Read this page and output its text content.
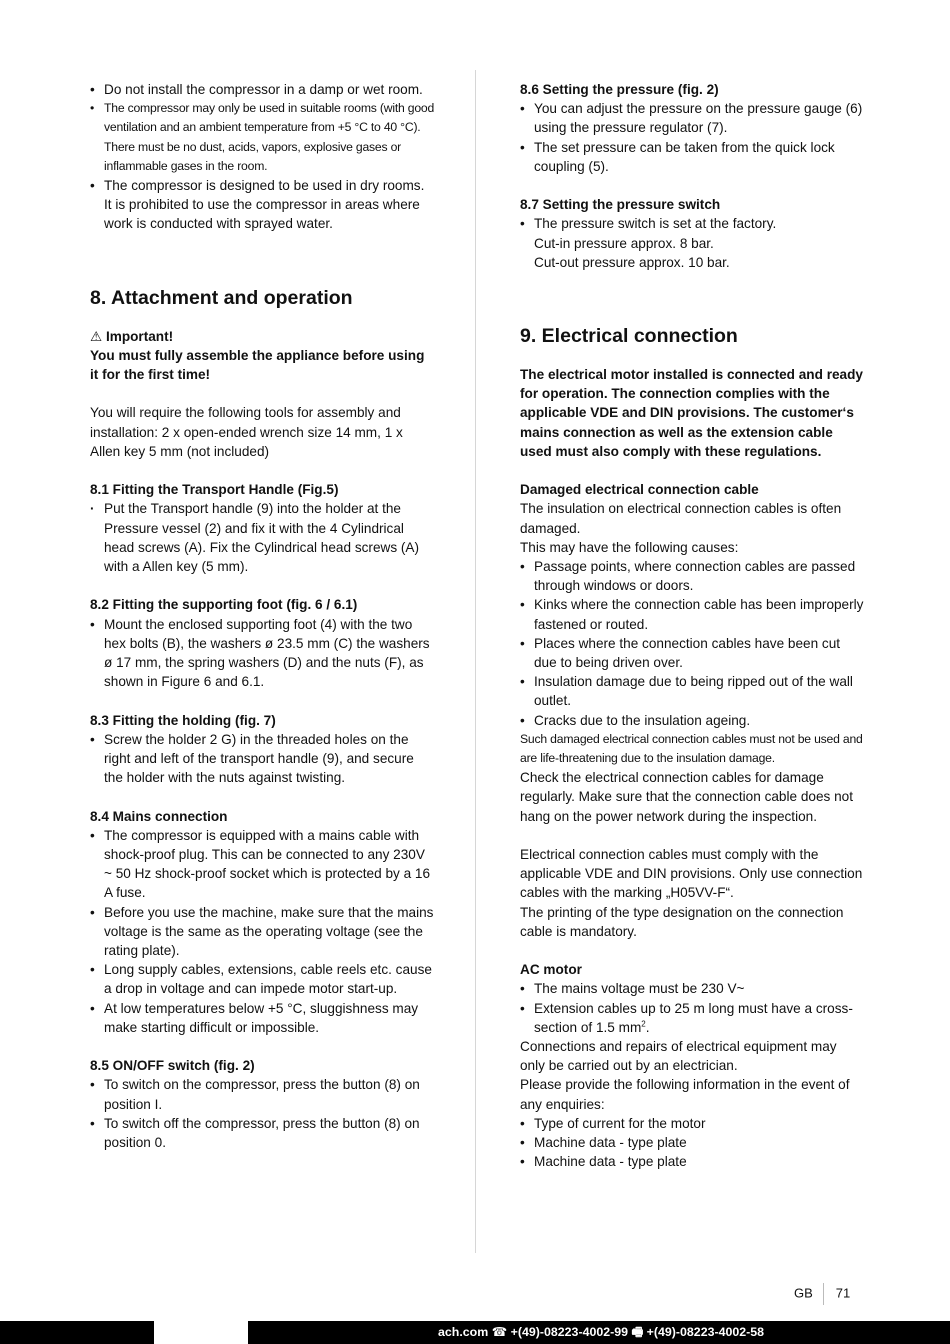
• Do not install the compressor in a damp or wet room.
• The compressor may only be used in suitable rooms (with good ventilation and an ambient temperature from +5 °C to 40 °C). There must be no dust, acids, vapors, explosive gases or inflammable gases in the room.
• The compressor is designed to be used in dry rooms. It is prohibited to use the compressor in areas where work is conducted with sprayed water.
8. Attachment and operation

⚠ Important!

You must fully assemble the appliance before using it for the first time!

You will require the following tools for assembly and installation: 2 x open-ended wrench size 14 mm, 1 x Allen key 5 mm (not included)

8.1 Fitting the Transport Handle (Fig.5)

· Put the Transport handle (9) into the holder at the Pressure vessel (2) and fix it with the 4 Cylindrical head screws (A). Fix the Cylindrical head screws (A) with a Allen key (5 mm).

8.2 Fitting the supporting foot (fig. 6 / 6.1)

• Mount the enclosed supporting foot (4) with the two hex bolts (B), the washers ø 23.5 mm (C) the washers ø 17 mm, the spring washers (D) and the nuts (F), as shown in Figure 6 and 6.1.

8.3 Fitting the holding (fig. 7)

• Screw the holder 2 G) in the threaded holes on the right and left of the transport handle (9), and secure the holder with the nuts against twisting.

8.4 Mains connection

• The compressor is equipped with a mains cable with shock-proof plug. This can be connected to any 230V ~ 50 Hz shock-proof socket which is protected by a 16 A fuse.
• Before you use the machine, make sure that the mains voltage is the same as the operating voltage (see the rating plate).
• Long supply cables, extensions, cable reels etc. cause a drop in voltage and can impede motor start-up.
• At low temperatures below +5 °C, sluggishness may make starting difficult or impossible.

8.5 ON/OFF switch (fig. 2)

• To switch on the compressor, press the button (8) on position I.
• To switch off the compressor, press the button (8) on position 0.

8.6 Setting the pressure (fig. 2)

• You can adjust the pressure on the pressure gauge (6) using the pressure regulator (7).
• The set pressure can be taken from the quick lock coupling (5).

8.7 Setting the pressure switch

• The pressure switch is set at the factory.
Cut-in pressure approx. 8 bar.
Cut-out pressure approx. 10 bar.
9. Electrical connection

The electrical motor installed is connected and ready for operation. The connection complies with the applicable VDE and DIN provisions. The customer‘s mains connection as well as the extension cable used must also comply with these regulations.

Damaged electrical connection cable

The insulation on electrical connection cables is often damaged.

This may have the following causes:

• Passage points, where connection cables are passed through windows or doors.
• Kinks where the connection cable has been improperly fastened or routed.
• Places where the connection cables have been cut due to being driven over.
• Insulation damage due to being ripped out of the wall outlet.
• Cracks due to the insulation ageing.

Such damaged electrical connection cables must not be used and are life-threatening due to the insulation damage.

Check the electrical connection cables for damage regularly. Make sure that the connection cable does not hang on the power network during the inspection.

Electrical connection cables must comply with the applicable VDE and DIN provisions. Only use connection cables with the marking „H05VV-F“.

The printing of the type designation on the connection cable is mandatory.

AC motor

• The mains voltage must be 230 V~
• Extension cables up to 25 m long must have a cross-section of 1.5 $mm^2$.

Connections and repairs of electrical equipment may only be carried out by an electrician.

Please provide the following information in the event of any enquiries:

• Type of current for the motor
• Machine data - type plate
• Machine data - type plate
GB 71
ach.com ☎ +(49)-08223-4002-99 🖷 +(49)-08223-4002-58
